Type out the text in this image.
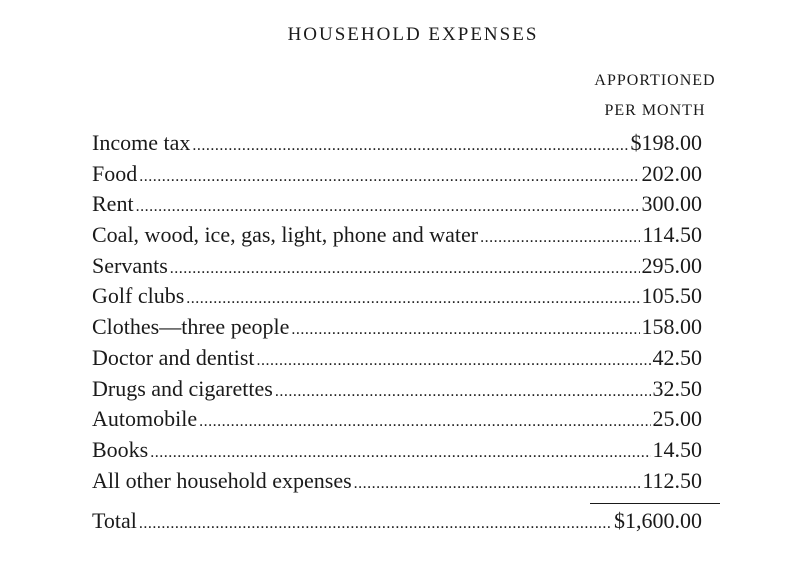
HOUSEHOLD EXPENSES
APPORTIONED
PER MONTH
Income tax .....	$198.00
Food .....	202.00
Rent .....	300.00
Coal, wood, ice, gas, light, phone and water .....	114.50
Servants .....	295.00
Golf clubs .....	105.50
Clothes—three people .....	158.00
Doctor and dentist .....	42.50
Drugs and cigarettes .....	32.50
Automobile .....	25.00
Books .....	14.50
All other household expenses .....	112.50
Total .....	$1,600.00
